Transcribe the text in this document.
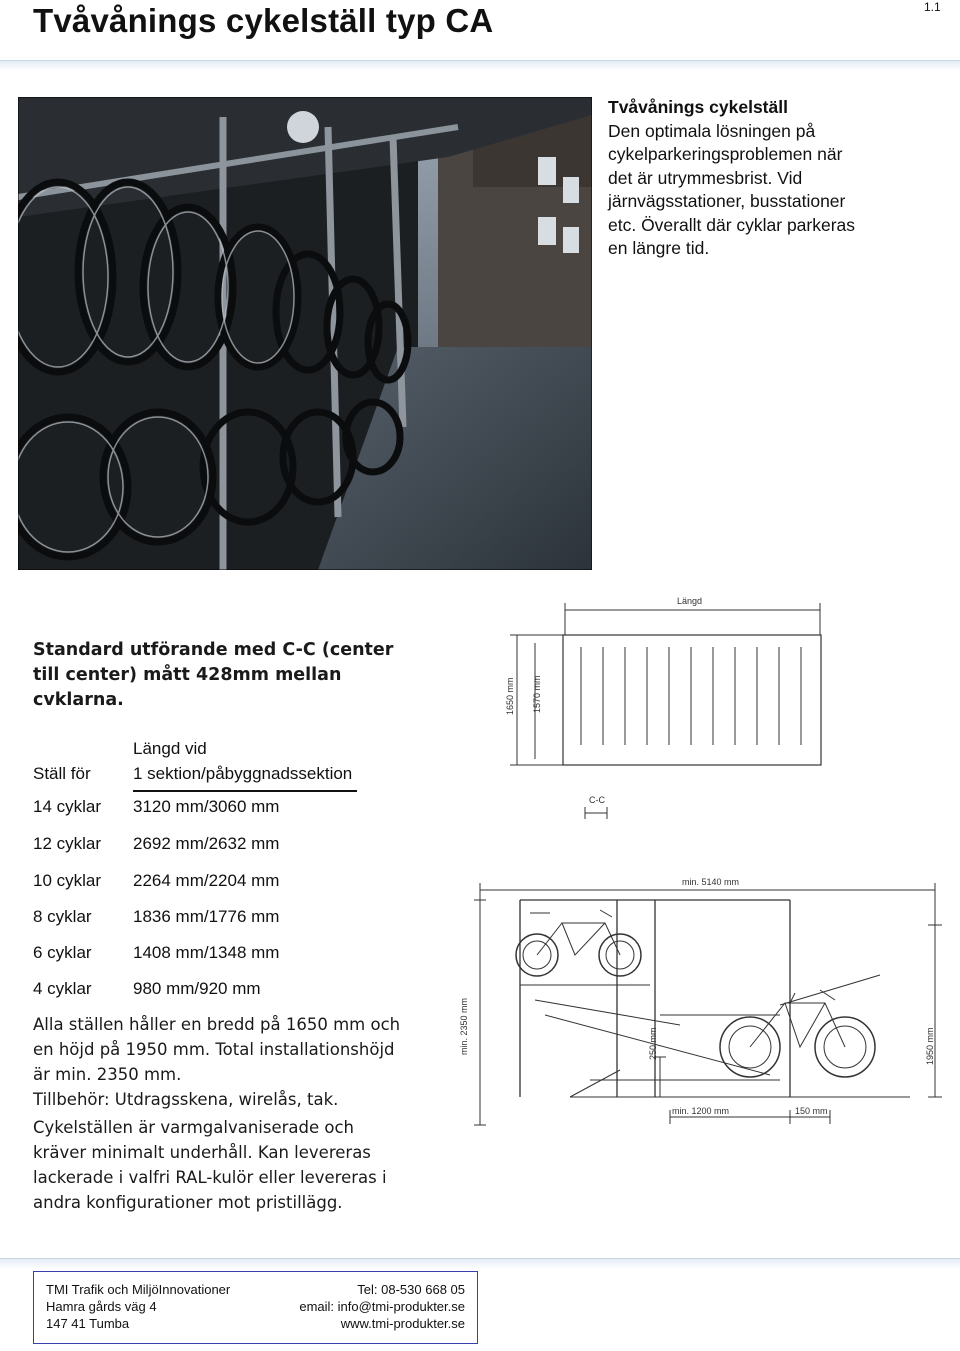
Tvåvånings cykelställ typ CA	1.1
Tvåvånings cykelställ
Den optimala lösningen på
cykelparkeringsproblemen när
det är utrymmesbrist. Vid
järnvägsstationer, busstationer
etc. Överallt där cyklar parkeras
en längre tid.
Standard utförande med C-C (center
till center) mått 428mm mellan
cvklarna.
Längd vid
Ställ för 1 sektion/påbyggnadssektion
14 cyklar 3120 mm/3060 mm
12 cyklar 2692 mm/2632 mm
10 cyklar 2264 mm/2204 mm
8 cyklar 1836 mm/1776 mm
6 cyklar 1408 mm/1348 mm
4 cyklar 980 mm/920 mm
Alla ställen håller en bredd på 1650 mm och
en höjd på 1950 mm. Total installationshöjd
är min. 2350 mm.
Tillbehör: Utdragsskena, wirelås, tak.
Cykelställen är varmgalvaniserade och
kräver minimalt underhåll. Kan levereras
lackerade i valfri RAL-kulör eller levereras i
andra konfigurationer mot pristillägg.
Längd
1650 mm 1570 mm
C-C
min. 5140 mm
min. 2350 mm	1950 mm
250 mm
min. 1200 mm	150 mm
TMI Trafik och MiljöInnovationer
Hamra gårds väg 4
147 41 Tumba
Tel: 08-530 668 05
email: info@tmi-produkter.se
www.tmi-produkter.se
